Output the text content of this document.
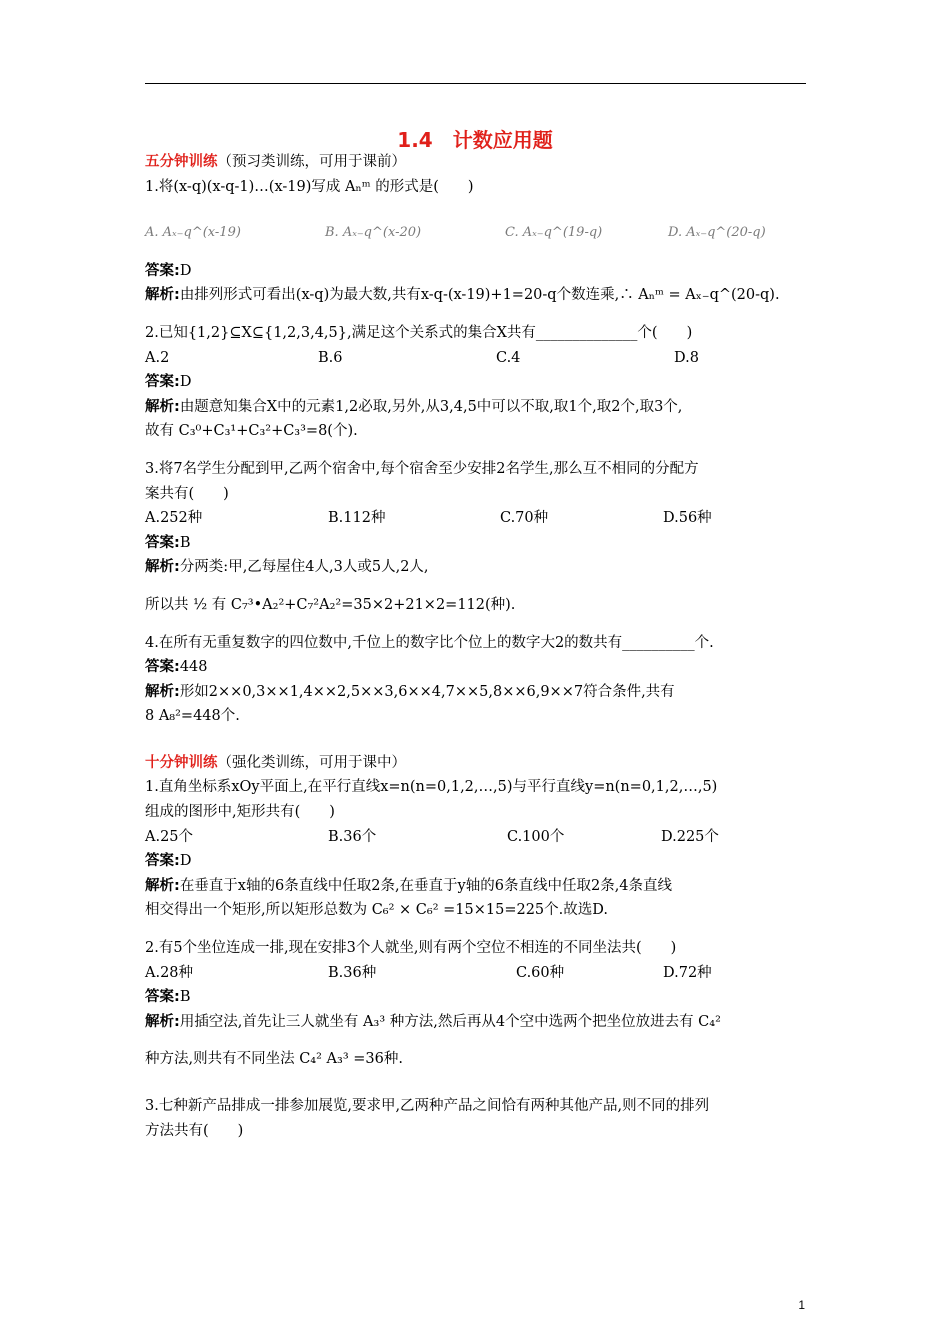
1.4　计数应用题

五分钟训练（预习类训练，可用于课前）

1.将(x-q)(x-q-1)…(x-19)写成 Aₙᵐ 的形式是(　　)

A. Aₓ₋q^(x-19)	B. Aₓ₋q^(x-20)	C. Aₓ₋q^(19-q)	D. Aₓ₋q^(20-q)

答案:D

解析:由排列形式可看出(x-q)为最大数,共有x-q-(x-19)+1=20-q个数连乘,∴ Aₙᵐ = Aₓ₋q^(20-q).

2.已知{1,2}⊆X⊆{1,2,3,4,5},满足这个关系式的集合X共有______________个(　　)

A.2	B.6	C.4	D.8

答案:D

解析:由题意知集合X中的元素1,2必取,另外,从3,4,5中可以不取,取1个,取2个,取3个,

故有 C₃⁰+C₃¹+C₃²+C₃³=8(个).

3.将7名学生分配到甲,乙两个宿舍中,每个宿舍至少安排2名学生,那么互不相同的分配方

案共有(　　)

A.252种	B.112种	C.70种	D.56种

答案:B

解析:分两类:甲,乙每屋住4人,3人或5人,2人,

所以共 ½ 有 C₇³•A₂²+C₇²A₂²=35×2+21×2=112(种).

4.在所有无重复数字的四位数中,千位上的数字比个位上的数字大2的数共有__________个.

答案:448

解析:形如2××0,3××1,4××2,5××3,6××4,7××5,8××6,9××7符合条件,共有

8 A₈²=448个.

十分钟训练（强化类训练，可用于课中）

1.直角坐标系xOy平面上,在平行直线x=n(n=0,1,2,…,5)与平行直线y=n(n=0,1,2,…,5)

组成的图形中,矩形共有(　　)

A.25个	B.36个	C.100个	D.225个

答案:D

解析:在垂直于x轴的6条直线中任取2条,在垂直于y轴的6条直线中任取2条,4条直线

相交得出一个矩形,所以矩形总数为 C₆² × C₆² =15×15=225个.故选D.

2.有5个坐位连成一排,现在安排3个人就坐,则有两个空位不相连的不同坐法共(　　)

A.28种	B.36种	C.60种	D.72种

答案:B

解析:用插空法,首先让三人就坐有 A₃³ 种方法,然后再从4个空中选两个把坐位放进去有 C₄²

种方法,则共有不同坐法 C₄² A₃³ =36种.

3.七种新产品排成一排参加展览,要求甲,乙两种产品之间恰有两种其他产品,则不同的排列

方法共有(　　)

1
